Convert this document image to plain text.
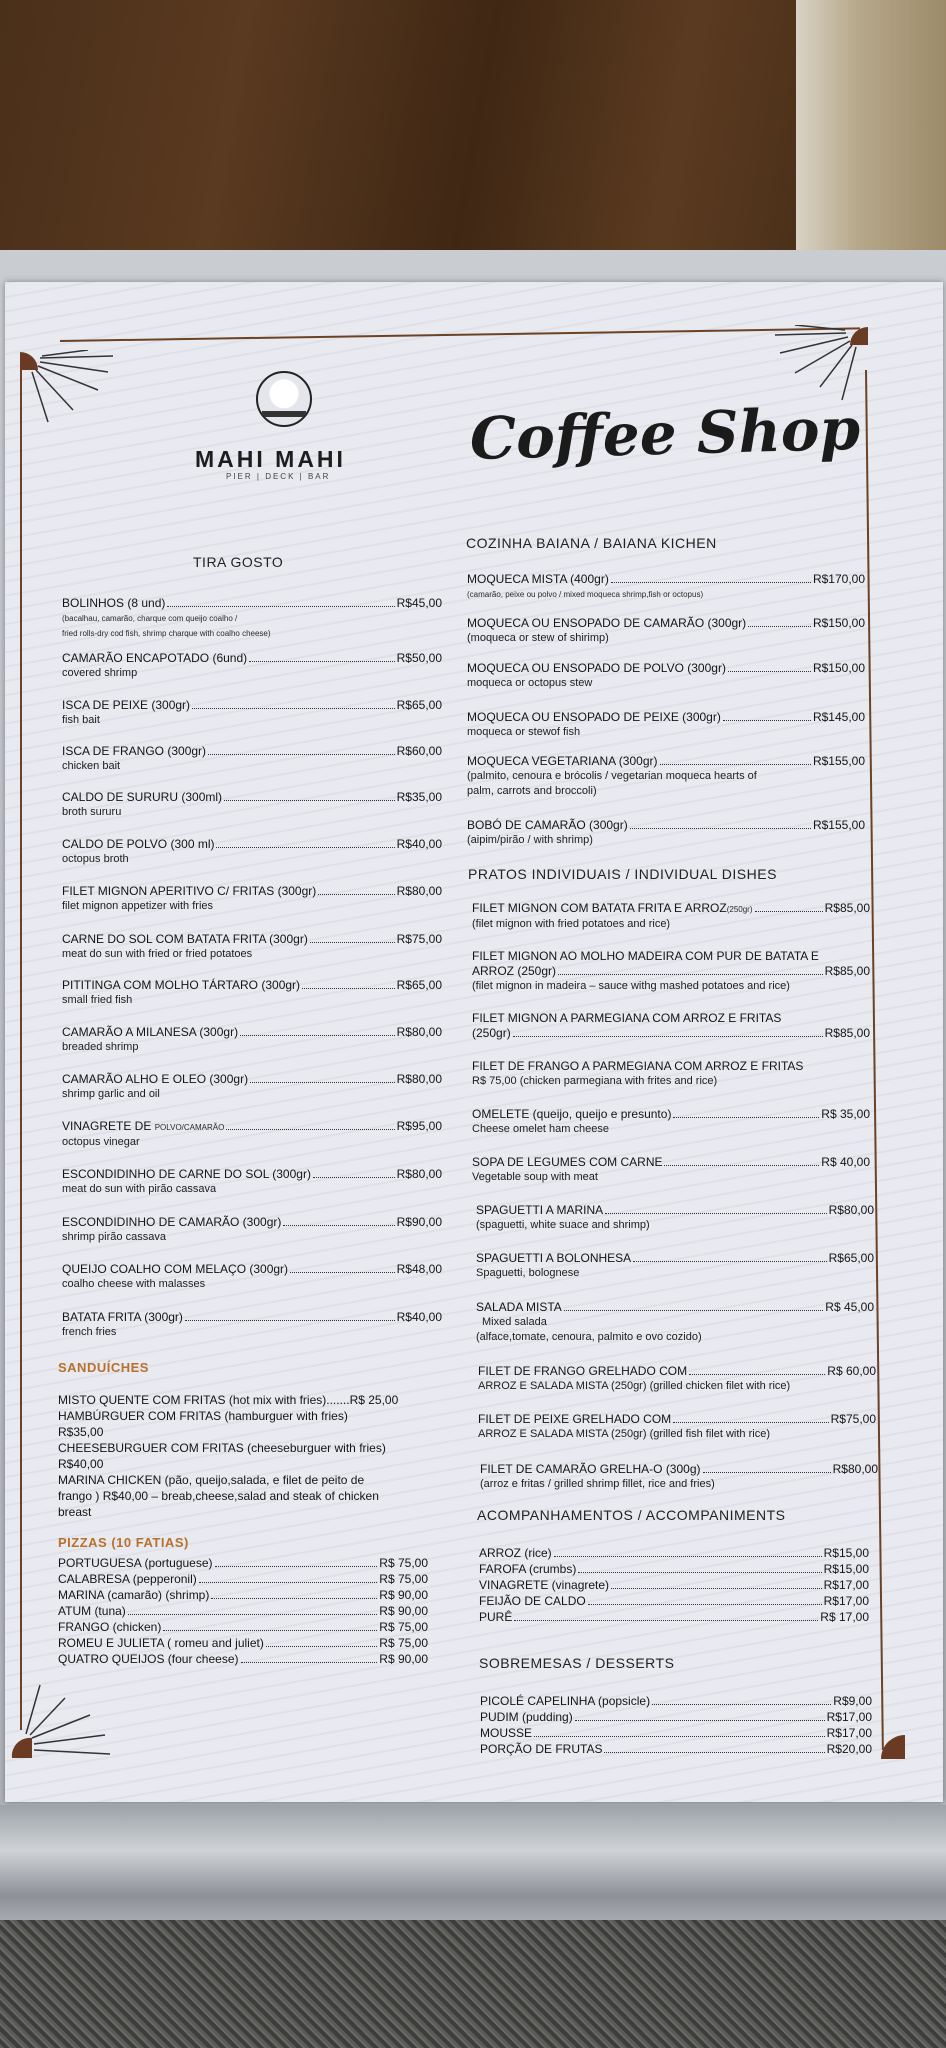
MAHI MAHI
PIER | DECK | BAR
Coffee Shop
TIRA GOSTO
BOLINHOS (8 und)	R$45,00
(bacalhau, camarão, charque com queijo coalho /
fried rolls-dry cod fish, shrimp charque with coalho cheese)
CAMARÃO ENCAPOTADO (6und)	R$50,00
covered shrimp
ISCA DE PEIXE (300gr)	R$65,00
fish bait
ISCA DE FRANGO (300gr)	R$60,00
chicken bait
CALDO DE SURURU (300ml)	R$35,00
broth sururu
CALDO DE POLVO (300 ml)	R$40,00
octopus broth
FILET MIGNON APERITIVO C/ FRITAS (300gr)	R$80,00
filet mignon appetizer with fries
CARNE DO SOL COM BATATA FRITA (300gr)	R$75,00
meat do sun with fried or fried potatoes
PITITINGA COM MOLHO TÁRTARO (300gr)	R$65,00
small fried fish
CAMARÃO A MILANESA (300gr)	R$80,00
breaded shrimp
CAMARÃO ALHO E OLEO (300gr)	R$80,00
shrimp garlic and oil
VINAGRETE DE
POLVO/CAMARÃO	R$95,00
octopus vinegar
ESCONDIDINHO DE CARNE DO SOL (300gr)	R$80,00
meat do sun with pirão cassava
ESCONDIDINHO DE CAMARÃO (300gr)	R$90,00
shrimp pirão cassava
QUEIJO COALHO COM MELAÇO (300gr)	R$48,00
coalho cheese with malasses
BATATA FRITA (300gr)	R$40,00
french fries
SANDUÍCHES
MISTO QUENTE COM FRITAS (hot mix with fries).......R$ 25,00
HAMBÚRGUER COM FRITAS (hamburguer with fries)
R$35,00
CHEESEBURGUER COM FRITAS (cheeseburguer with fries)
R$40,00
MARINA CHICKEN (pão, queijo,salada, e filet de peito de
frango ) R$40,00 – breab,cheese,salad and steak of chicken
breast
PIZZAS (10 FATIAS)
PORTUGUESA (portuguese)	R$ 75,00
CALABRESA (pepperonil)	R$ 75,00
MARINA (camarão) (shrimp)	R$ 90,00
ATUM (tuna)	R$ 90,00
FRANGO (chicken)	R$ 75,00
ROMEU E JULIETA ( romeu and juliet)	R$ 75,00
QUATRO QUEIJOS (four cheese)	R$ 90,00
COZINHA BAIANA / BAIANA KICHEN
MOQUECA MISTA (400gr)	R$170,00
(camarão, peixe ou polvo / mixed moqueca shrimp,fish or octopus)
MOQUECA OU ENSOPADO DE CAMARÃO (300gr)	R$150,00
(moqueca or stew of shirimp)
MOQUECA OU ENSOPADO DE POLVO (300gr)	R$150,00
moqueca or octopus stew
MOQUECA OU ENSOPADO DE PEIXE (300gr)	R$145,00
moqueca or stewof fish
MOQUECA VEGETARIANA (300gr)	R$155,00
(palmito, cenoura e brócolis / vegetarian moqueca hearts of
palm, carrots and broccoli)
BOBÓ DE CAMARÃO (300gr)	R$155,00
(aipim/pirão / with shrimp)
PRATOS INDIVIDUAIS / INDIVIDUAL DISHES
FILET MIGNON COM BATATA FRITA E ARROZ (250gr)	R$85,00
(filet mignon with fried potatoes and rice)
FILET MIGNON AO MOLHO MADEIRA COM PUR DE BATATA E
ARROZ (250gr)	R$85,00
(filet mignon in madeira – sauce withg mashed potatoes and rice)
FILET MIGNON A PARMEGIANA COM ARROZ E FRITAS
(250gr)	R$85,00
FILET DE FRANGO A PARMEGIANA COM ARROZ E FRITAS
R$ 75,00 (chicken parmegiana with frites and rice)
OMELETE (queijo, queijo e presunto)	R$ 35,00
Cheese omelet ham cheese
SOPA DE LEGUMES COM CARNE	R$ 40,00
Vegetable soup with meat
SPAGUETTI A MARINA	R$80,00
(spaguetti, white suace and shrimp)
SPAGUETTI A BOLONHESA	R$65,00
Spaguetti, bolognese
SALADA MISTA	R$ 45,00
Mixed salada
(alface,tomate, cenoura, palmito e ovo cozido)
FILET DE FRANGO GRELHADO COM	R$ 60,00
ARROZ E SALADA MISTA (250gr) (grilled chicken filet with rice)
FILET DE PEIXE GRELHADO COM	R$75,00
ARROZ E SALADA MISTA (250gr) (grilled fish filet with rice)
FILET DE CAMARÃO GRELHA-O (300g)	R$80,00
(arroz e fritas / grilled shrimp fillet, rice and fries)
ACOMPANHAMENTOS / ACCOMPANIMENTS
ARROZ (rice)	R$15,00
FAROFA (crumbs)	R$15,00
VINAGRETE (vinagrete)	R$17,00
FEIJÃO DE CALDO	R$17,00
PURÊ	R$ 17,00
SOBREMESAS / DESSERTS
PICOLÉ CAPELINHA (popsicle)	R$9,00
PUDIM (pudding)	R$17,00
MOUSSE	R$17,00
PORÇÃO DE FRUTAS	R$20,00
